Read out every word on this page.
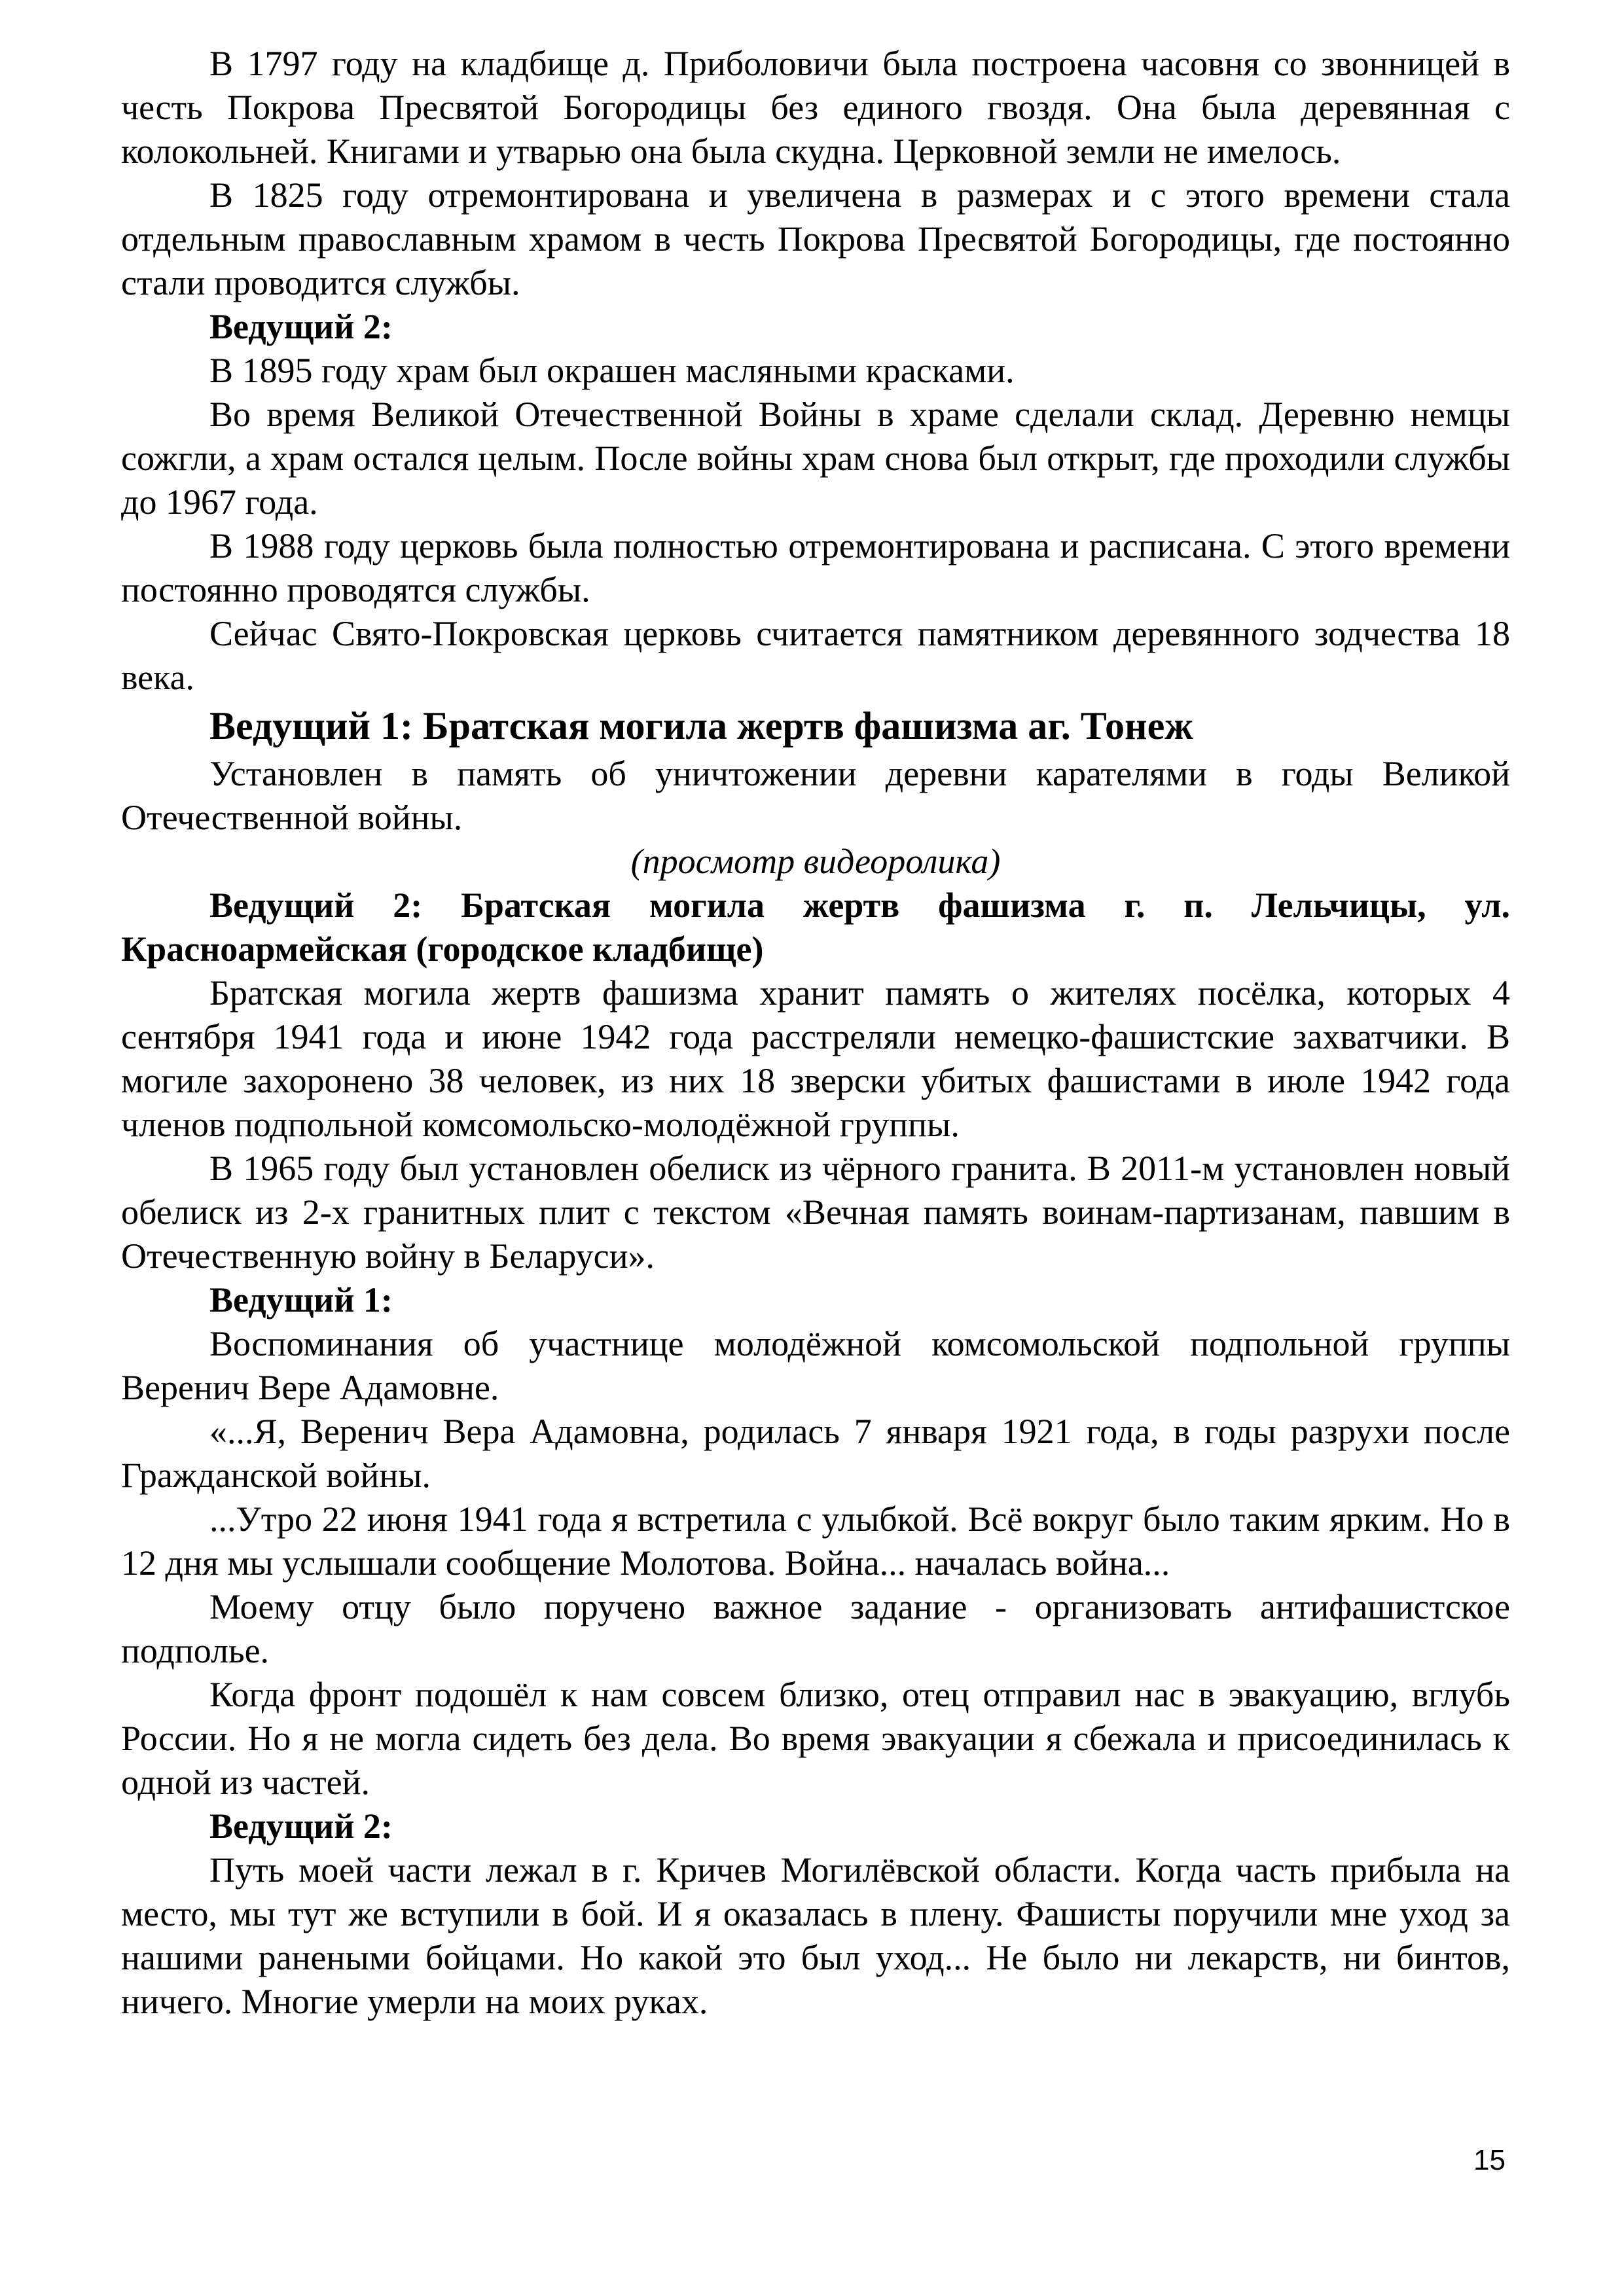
В 1797 году на кладбище д. Приболовичи была построена часовня со звонницей в честь Покрова Пресвятой Богородицы без единого гвоздя. Она была деревянная с колокольней. Книгами и утварью она была скудна. Церковной земли не имелось.

В 1825 году отремонтирована и увеличена в размерах и с этого времени стала отдельным православным храмом в честь Покрова Пресвятой Богородицы, где постоянно стали проводится службы.

Ведущий 2:

В 1895 году храм был окрашен масляными красками.

Во время Великой Отечественной Войны в храме сделали склад. Деревню немцы сожгли, а храм остался целым. После войны храм снова был открыт, где проходили службы до 1967 года.

В 1988 году церковь была полностью отремонтирована и расписана. С этого времени постоянно проводятся службы.

Сейчас Свято-Покровская церковь считается памятником деревянного зодчества 18 века.

Ведущий 1: Братская могила жертв фашизма аг. Тонеж

Установлен в память об уничтожении деревни карателями в годы Великой Отечественной войны.

(просмотр видеоролика)

Ведущий 2: Братская могила жертв фашизма г. п. Лельчицы, ул. Красноармейская (городское кладбище)

Братская могила жертв фашизма хранит память о жителях посёлка, которых 4 сентября 1941 года и июне 1942 года расстреляли немецко-фашистские захватчики. В могиле захоронено 38 человек, из них 18 зверски убитых фашистами в июле 1942 года членов подпольной комсомольско-молодёжной группы.

В 1965 году был установлен обелиск из чёрного гранита. В 2011-м установлен новый обелиск из 2-х гранитных плит с текстом «Вечная память воинам-партизанам, павшим в Отечественную войну в Беларуси».

Ведущий 1:

Воспоминания об участнице молодёжной комсомольской подпольной группы Веренич Вере Адамовне.

«...Я, Веренич Вера Адамовна, родилась 7 января 1921 года, в годы разрухи после Гражданской войны.

...Утро 22 июня 1941 года я встретила с улыбкой. Всё вокруг было таким ярким. Но в 12 дня мы услышали сообщение Молотова. Война... началась война...

Моему отцу было поручено важное задание - организовать антифашистское подполье.

Когда фронт подошёл к нам совсем близко, отец отправил нас в эвакуацию, вглубь России. Но я не могла сидеть без дела. Во время эвакуации я сбежала и присоединилась к одной из частей.

Ведущий 2:

Путь моей части лежал в г. Кричев Могилёвской области. Когда часть прибыла на место, мы тут же вступили в бой. И я оказалась в плену. Фашисты поручили мне уход за нашими ранеными бойцами. Но какой это был уход... Не было ни лекарств, ни бинтов, ничего. Многие умерли на моих руках.

15
